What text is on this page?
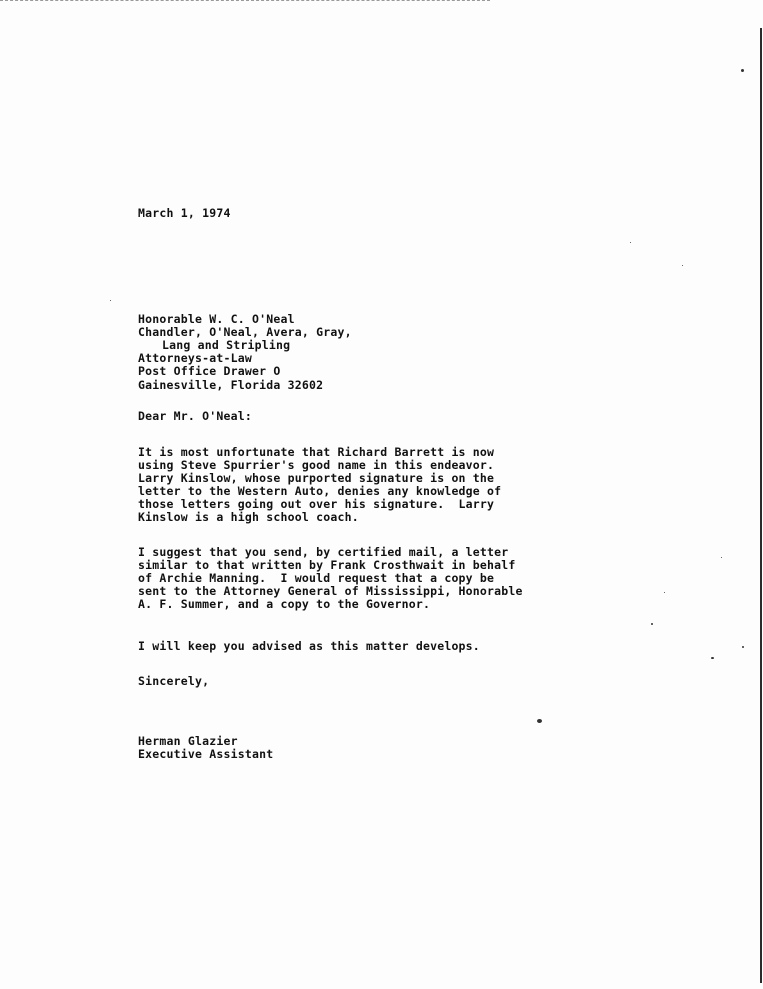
March 1, 1974
Honorable W. C. O'Neal
Chandler, O'Neal, Avera, Gray,
Lang and Stripling
Attorneys-at-Law
Post Office Drawer O
Gainesville, Florida 32602
Dear Mr. O'Neal:
It is most unfortunate that Richard Barrett is now
using Steve Spurrier's good name in this endeavor.
Larry Kinslow, whose purported signature is on the
letter to the Western Auto, denies any knowledge of
those letters going out over his signature.  Larry
Kinslow is a high school coach.
I suggest that you send, by certified mail, a letter
similar to that written by Frank Crosthwait in behalf
of Archie Manning.  I would request that a copy be
sent to the Attorney General of Mississippi, Honorable
A. F. Summer, and a copy to the Governor.
I will keep you advised as this matter develops.
Sincerely,
Herman Glazier
Executive Assistant
